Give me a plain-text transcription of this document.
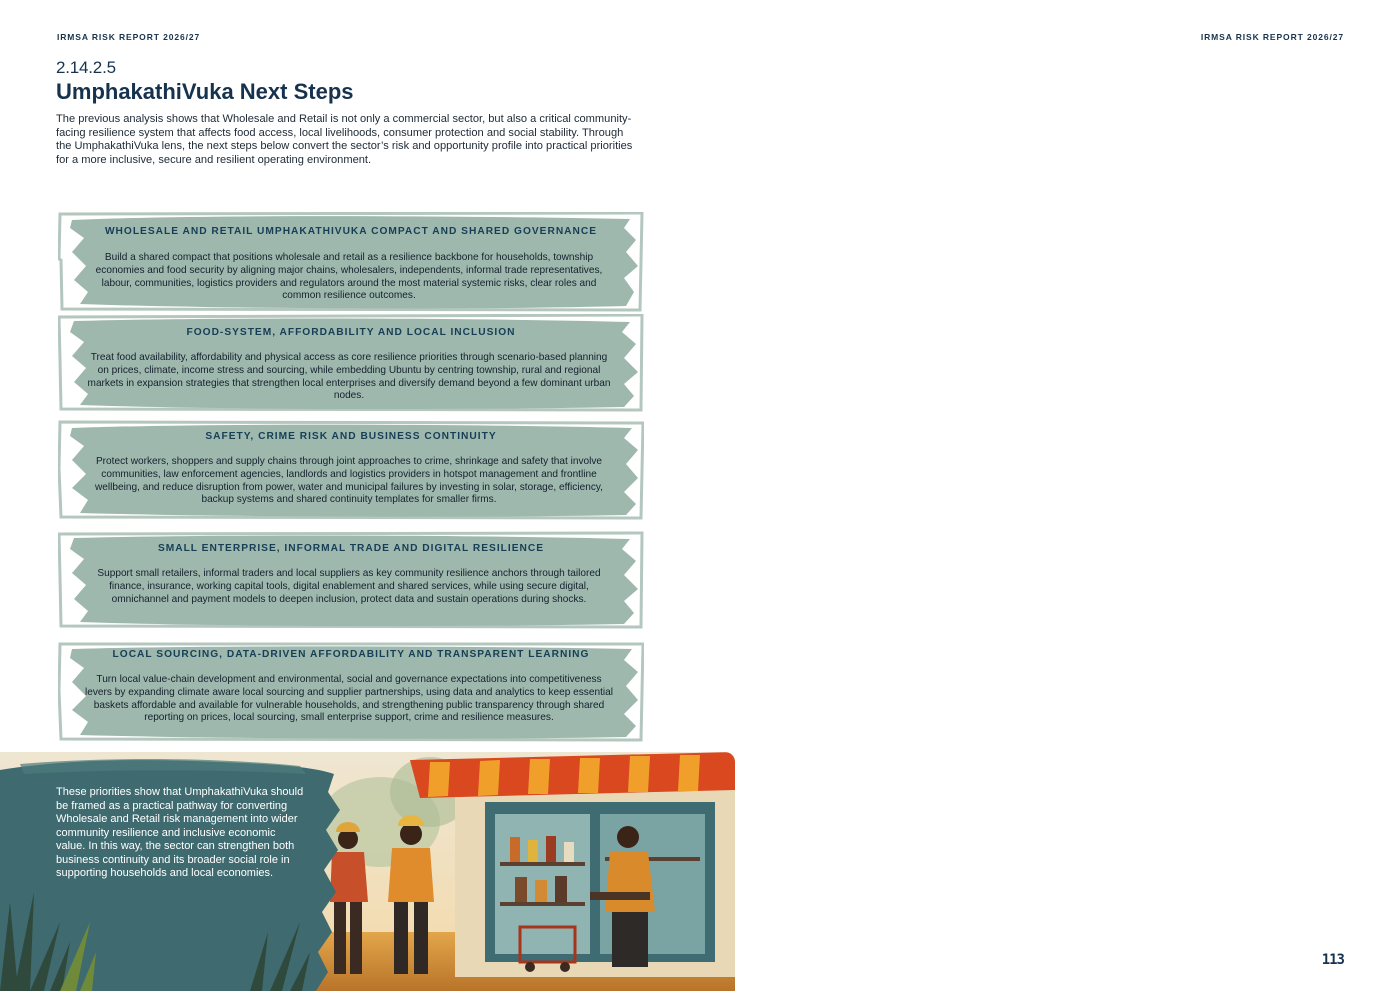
IRMSA RISK REPORT 2026/27	IRMSA RISK REPORT 2026/27
2.14.2.5
UmphakathiVuka Next Steps

The previous analysis shows that Wholesale and Retail is not only a commercial sector, but also a critical community-facing resilience system that affects food access, local livelihoods, consumer protection and social stability. Through the UmphakathiVuka lens, the next steps below convert the sector’s risk and opportunity profile into practical priorities for a more inclusive, secure and resilient operating environment.

WHOLESALE AND RETAIL UMPHAKATHIVUKA COMPACT AND SHARED GOVERNANCE
Build a shared compact that positions wholesale and retail as a resilience backbone for households, township economies and food security by aligning major chains, wholesalers, independents, informal trade representatives, labour, communities, logistics providers and regulators around the most material systemic risks, clear roles and common resilience outcomes.
FOOD-SYSTEM, AFFORDABILITY AND LOCAL INCLUSION
Treat food availability, affordability and physical access as core resilience priorities through scenario-based planning on prices, climate, income stress and sourcing, while embedding Ubuntu by centring township, rural and regional markets in expansion strategies that strengthen local enterprises and diversify demand beyond a few dominant urban nodes.
SAFETY, CRIME RISK AND BUSINESS CONTINUITY
Protect workers, shoppers and supply chains through joint approaches to crime, shrinkage and safety that involve communities, law enforcement agencies, landlords and logistics providers in hotspot management and frontline wellbeing, and reduce disruption from power, water and municipal failures by investing in solar, storage, efficiency, backup systems and shared continuity templates for smaller firms.
SMALL ENTERPRISE, INFORMAL TRADE AND DIGITAL RESILIENCE
Support small retailers, informal traders and local suppliers as key community resilience anchors through tailored finance, insurance, working capital tools, digital enablement and shared services, while using secure digital, omnichannel and payment models to deepen inclusion, protect data and sustain operations during shocks.
LOCAL SOURCING, DATA-DRIVEN AFFORDABILITY AND TRANSPARENT LEARNING
Turn local value-chain development and environmental, social and governance expectations into competitiveness levers by expanding climate aware local sourcing and supplier partnerships, using data and analytics to keep essential baskets affordable and available for vulnerable households, and strengthening public transparency through shared reporting on prices, local sourcing, small enterprise support, crime and resilience measures.

These priorities show that UmphakathiVuka should be framed as a practical pathway for converting Wholesale and Retail risk management into wider community resilience and inclusive economic value. In this way, the sector can strengthen both business continuity and its broader social role in supporting households and local economies.

113
